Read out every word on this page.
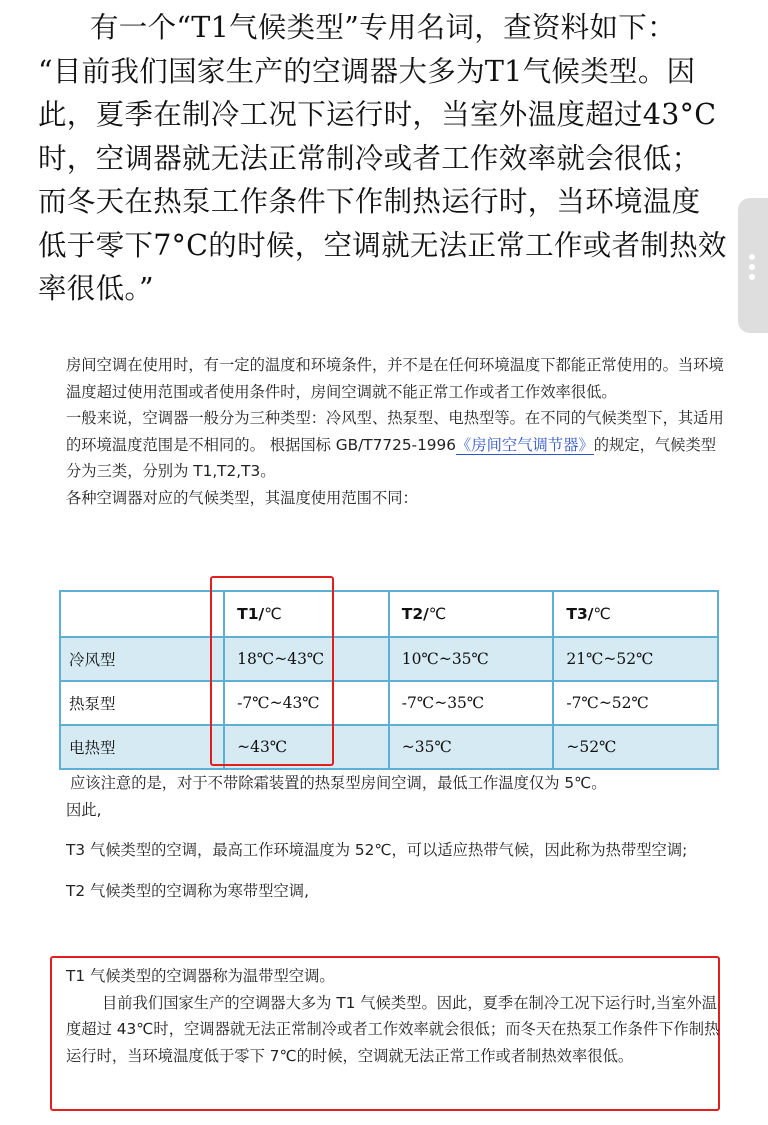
有一个“T1气候类型”专用名词，查资料如下：

“目前我们国家生产的空调器大多为T1气候类型。因此，夏季在制冷工况下运行时，当室外温度超过43°C时，空调器就无法正常制冷或者工作效率就会很低；而冬天在热泵工作条件下作制热运行时，当环境温度低于零下7°C的时候，空调就无法正常工作或者制热效率很低。”

房间空调在使用时，有一定的温度和环境条件，并不是在任何环境温度下都能正常使用的。当环境温度超过使用范围或者使用条件时，房间空调就不能正常工作或者工作效率很低。

一般来说，空调器一般分为三种类型：冷风型、热泵型、电热型等。在不同的气候类型下，其适用的环境温度范围是不相同的。 根据国标 GB/T7725-1996《房间空气调节器》的规定，气候类型分为三类，分别为 T1,T2,T3。

各种空调器对应的气候类型，其温度使用范围不同：

	T1/℃	T2/℃	T3/℃
冷风型	18℃~43℃	10℃~35℃	21℃~52℃
热泵型	-7℃~43℃	-7℃~35℃	-7℃~52℃
电热型	~43℃	~35℃	~52℃

应该注意的是，对于不带除霜装置的热泵型房间空调，最低工作温度仅为 5℃。

因此,

T3 气候类型的空调，最高工作环境温度为 52℃，可以适应热带气候，因此称为热带型空调;

T2 气候类型的空调称为寒带型空调,

T1 气候类型的空调器称为温带型空调。

目前我们国家生产的空调器大多为 T1 气候类型。因此，夏季在制冷工况下运行时,当室外温度超过 43℃时，空调器就无法正常制冷或者工作效率就会很低；而冬天在热泵工作条件下作制热运行时，当环境温度低于零下 7℃的时候，空调就无法正常工作或者制热效率很低。
